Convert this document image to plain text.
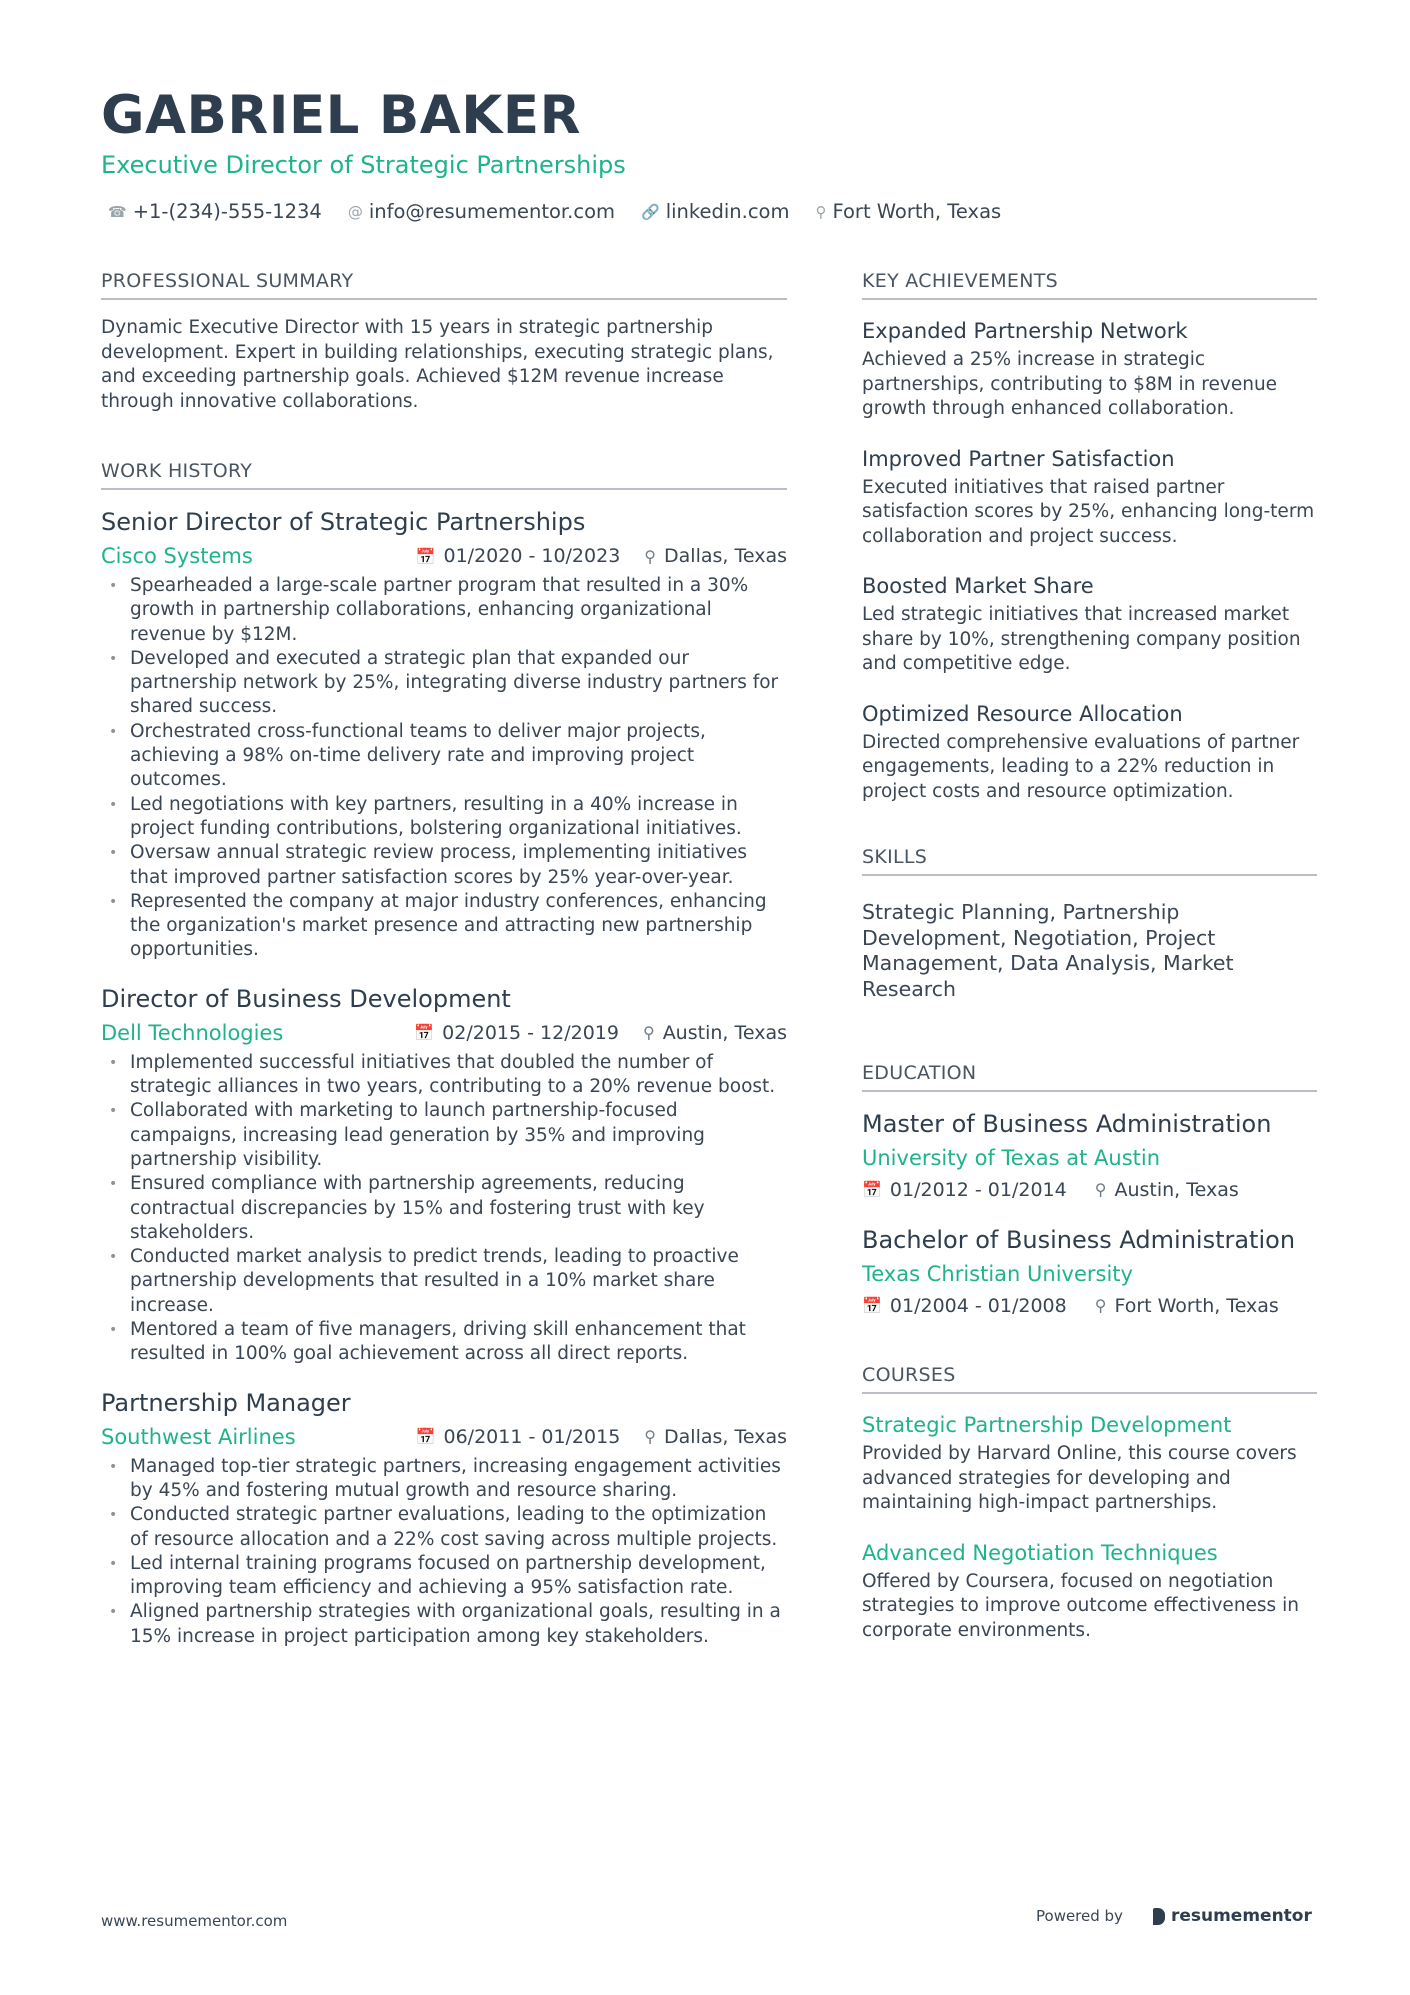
GABRIEL BAKER
Executive Director of Strategic Partnerships
☎ +1-(234)-555-1234 @ info@resumementor.com 🔗 linkedin.com ⚲ Fort Worth, Texas
PROFESSIONAL SUMMARY

Dynamic Executive Director with 15 years in strategic partnership development. Expert in building relationships, executing strategic plans, and exceeding partnership goals. Achieved $12M revenue increase through innovative collaborations.

WORK HISTORY
Senior Director of Strategic Partnerships
Cisco Systems	📅 01/2020 - 10/2023 ⚲ Dallas, Texas
• Spearheaded a large-scale partner program that resulted in a 30% growth in partnership collaborations, enhancing organizational revenue by $12M.
• Developed and executed a strategic plan that expanded our partnership network by 25%, integrating diverse industry partners for shared success.
• Orchestrated cross-functional teams to deliver major projects, achieving a 98% on-time delivery rate and improving project outcomes.
• Led negotiations with key partners, resulting in a 40% increase in project funding contributions, bolstering organizational initiatives.
• Oversaw annual strategic review process, implementing initiatives that improved partner satisfaction scores by 25% year-over-year.
• Represented the company at major industry conferences, enhancing the organization's market presence and attracting new partnership opportunities.
Director of Business Development
Dell Technologies	📅 02/2015 - 12/2019 ⚲ Austin, Texas
• Implemented successful initiatives that doubled the number of strategic alliances in two years, contributing to a 20% revenue boost.
• Collaborated with marketing to launch partnership-focused campaigns, increasing lead generation by 35% and improving partnership visibility.
• Ensured compliance with partnership agreements, reducing contractual discrepancies by 15% and fostering trust with key stakeholders.
• Conducted market analysis to predict trends, leading to proactive partnership developments that resulted in a 10% market share increase.
• Mentored a team of five managers, driving skill enhancement that resulted in 100% goal achievement across all direct reports.
Partnership Manager
Southwest Airlines	📅 06/2011 - 01/2015 ⚲ Dallas, Texas
• Managed top-tier strategic partners, increasing engagement activities by 45% and fostering mutual growth and resource sharing.
• Conducted strategic partner evaluations, leading to the optimization of resource allocation and a 22% cost saving across multiple projects.
• Led internal training programs focused on partnership development, improving team efficiency and achieving a 95% satisfaction rate.
• Aligned partnership strategies with organizational goals, resulting in a 15% increase in project participation among key stakeholders.
KEY ACHIEVEMENTS
Expanded Partnership Network

Achieved a 25% increase in strategic partnerships, contributing to $8M in revenue growth through enhanced collaboration.

Improved Partner Satisfaction

Executed initiatives that raised partner satisfaction scores by 25%, enhancing long-term collaboration and project success.

Boosted Market Share

Led strategic initiatives that increased market share by 10%, strengthening company position and competitive edge.

Optimized Resource Allocation

Directed comprehensive evaluations of partner engagements, leading to a 22% reduction in project costs and resource optimization.

SKILLS

Strategic Planning, Partnership Development, Negotiation, Project Management, Data Analysis, Market Research

EDUCATION
Master of Business Administration
University of Texas at Austin
📅 01/2012 - 01/2014 ⚲ Austin, Texas
Bachelor of Business Administration
Texas Christian University
📅 01/2004 - 01/2008 ⚲ Fort Worth, Texas
COURSES
Strategic Partnership Development

Provided by Harvard Online, this course covers advanced strategies for developing and maintaining high-impact partnerships.

Advanced Negotiation Techniques

Offered by Coursera, focused on negotiation strategies to improve outcome effectiveness in corporate environments.

www.resumementor.com	Powered by	resumementor
